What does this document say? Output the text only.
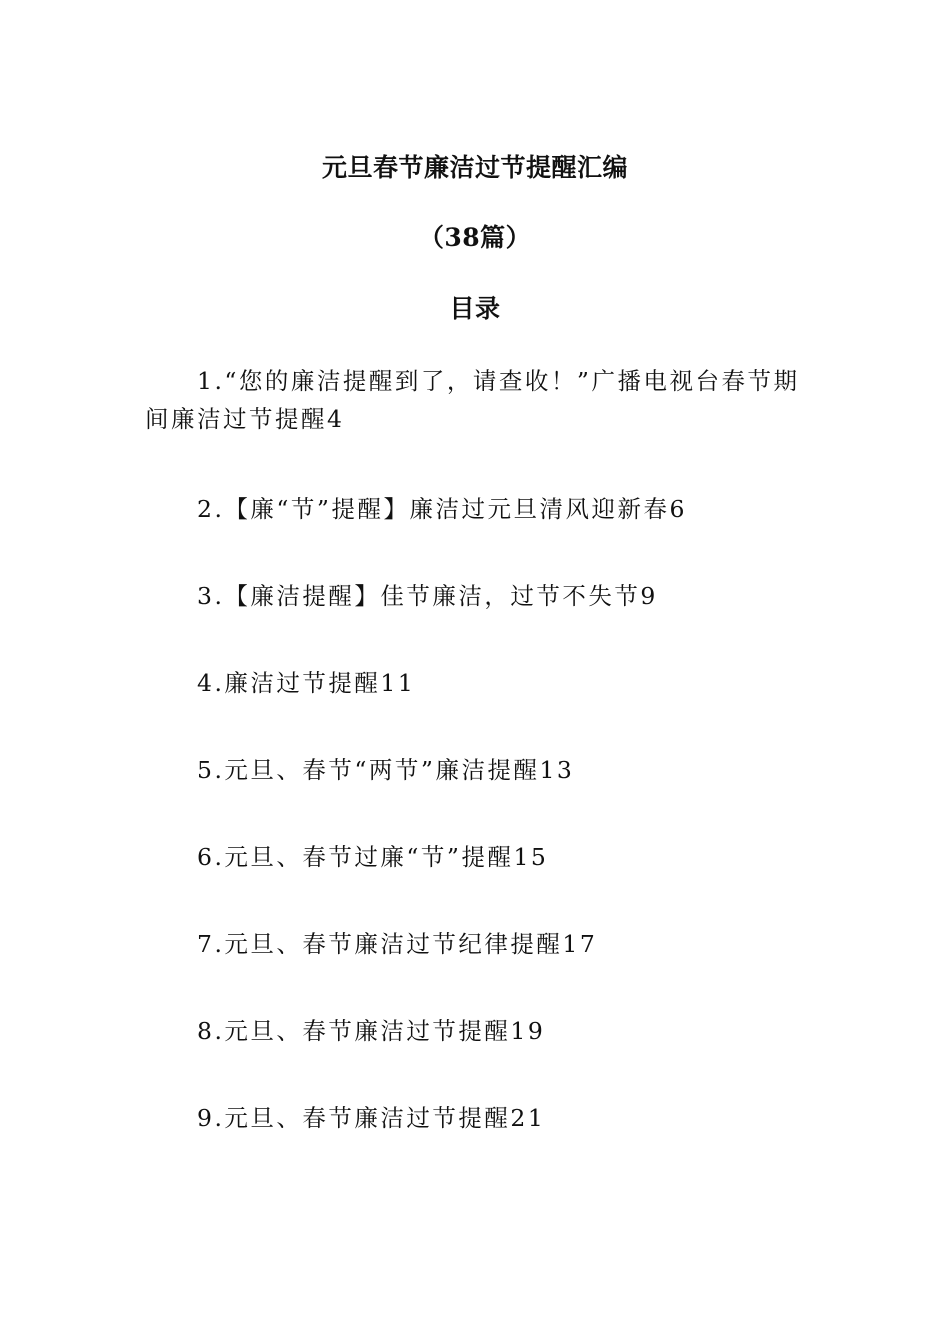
元旦春节廉洁过节提醒汇编
（38篇）
目录
1.“您的廉洁提醒到了，请查收！”广播电视台春节期间廉洁过节提醒4
2.【廉“节”提醒】廉洁过元旦清风迎新春6
3.【廉洁提醒】佳节廉洁，过节不失节9
4.廉洁过节提醒11
5.元旦、春节“两节”廉洁提醒13
6.元旦、春节过廉“节”提醒15
7.元旦、春节廉洁过节纪律提醒17
8.元旦、春节廉洁过节提醒19
9.元旦、春节廉洁过节提醒21
